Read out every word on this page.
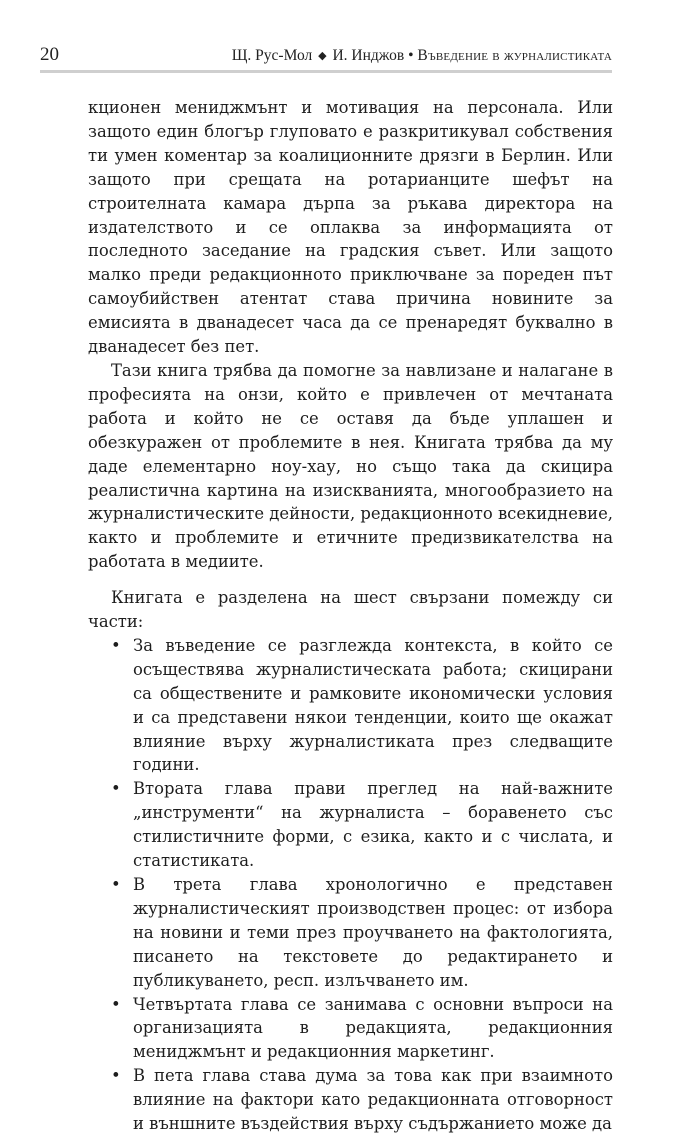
20	Щ. Рус-Мол ◆ И. Инджов • Въведение в журналистиката

кционен мениджмънт и мотивация на персонала. Или защото един блогър глуповато е разкритикувал собствения ти умен коментар за коалиционните дрязги в Берлин. Или защото при срещата на ротарианците шефът на строителната камара дърпа за ръкава директора на издателството и се оплаква за информацията от последното заседание на градския съвет. Или защото малко преди редакционното приключване за пореден път самоубийствен атентат става причина новините за емисията в дванадесет часа да се пренаредят буквално в дванадесет без пет.

Тази книга трябва да помогне за навлизане и налагане в професията на онзи, който е привлечен от мечтаната работа и който не се оставя да бъде уплашен и обезкуражен от проблемите в нея. Книгата трябва да му даде елементарно ноу-хау, но също така да скицира реалистична картина на изискванията, многообразието на журналистическите дейности, редакционното всекидневие, както и проблемите и етичните предизвикателства на работата в медиите.

Книгата е разделена на шест свързани помежду си части:

• За въведение се разглежда контекста, в който се осъществява журналистическата работа; скицирани са обществените и рамковите икономически условия и са представени някои тенденции, които ще окажат влияние върху журналистиката през следващите години.
• Втората глава прави преглед на най-важните „инструменти“ на журналиста – боравенето със стилистичните форми, с езика, както и с числата, и статистиката.
• В трета глава хронологично е представен журналистическият производствен процес: от избора на новини и теми през проучването на фактологията, писането на текстовете до редактирането и публикуването, респ. излъчването им.
• Четвъртата глава се занимава с основни въпроси на организацията в редакцията, редакционния мениджмънт и редакционния маркетинг.
• В пета глава става дума за това как при взаимното влияние на фактори като редакционната отговорност и външните въздействия върху съдържанието може да
